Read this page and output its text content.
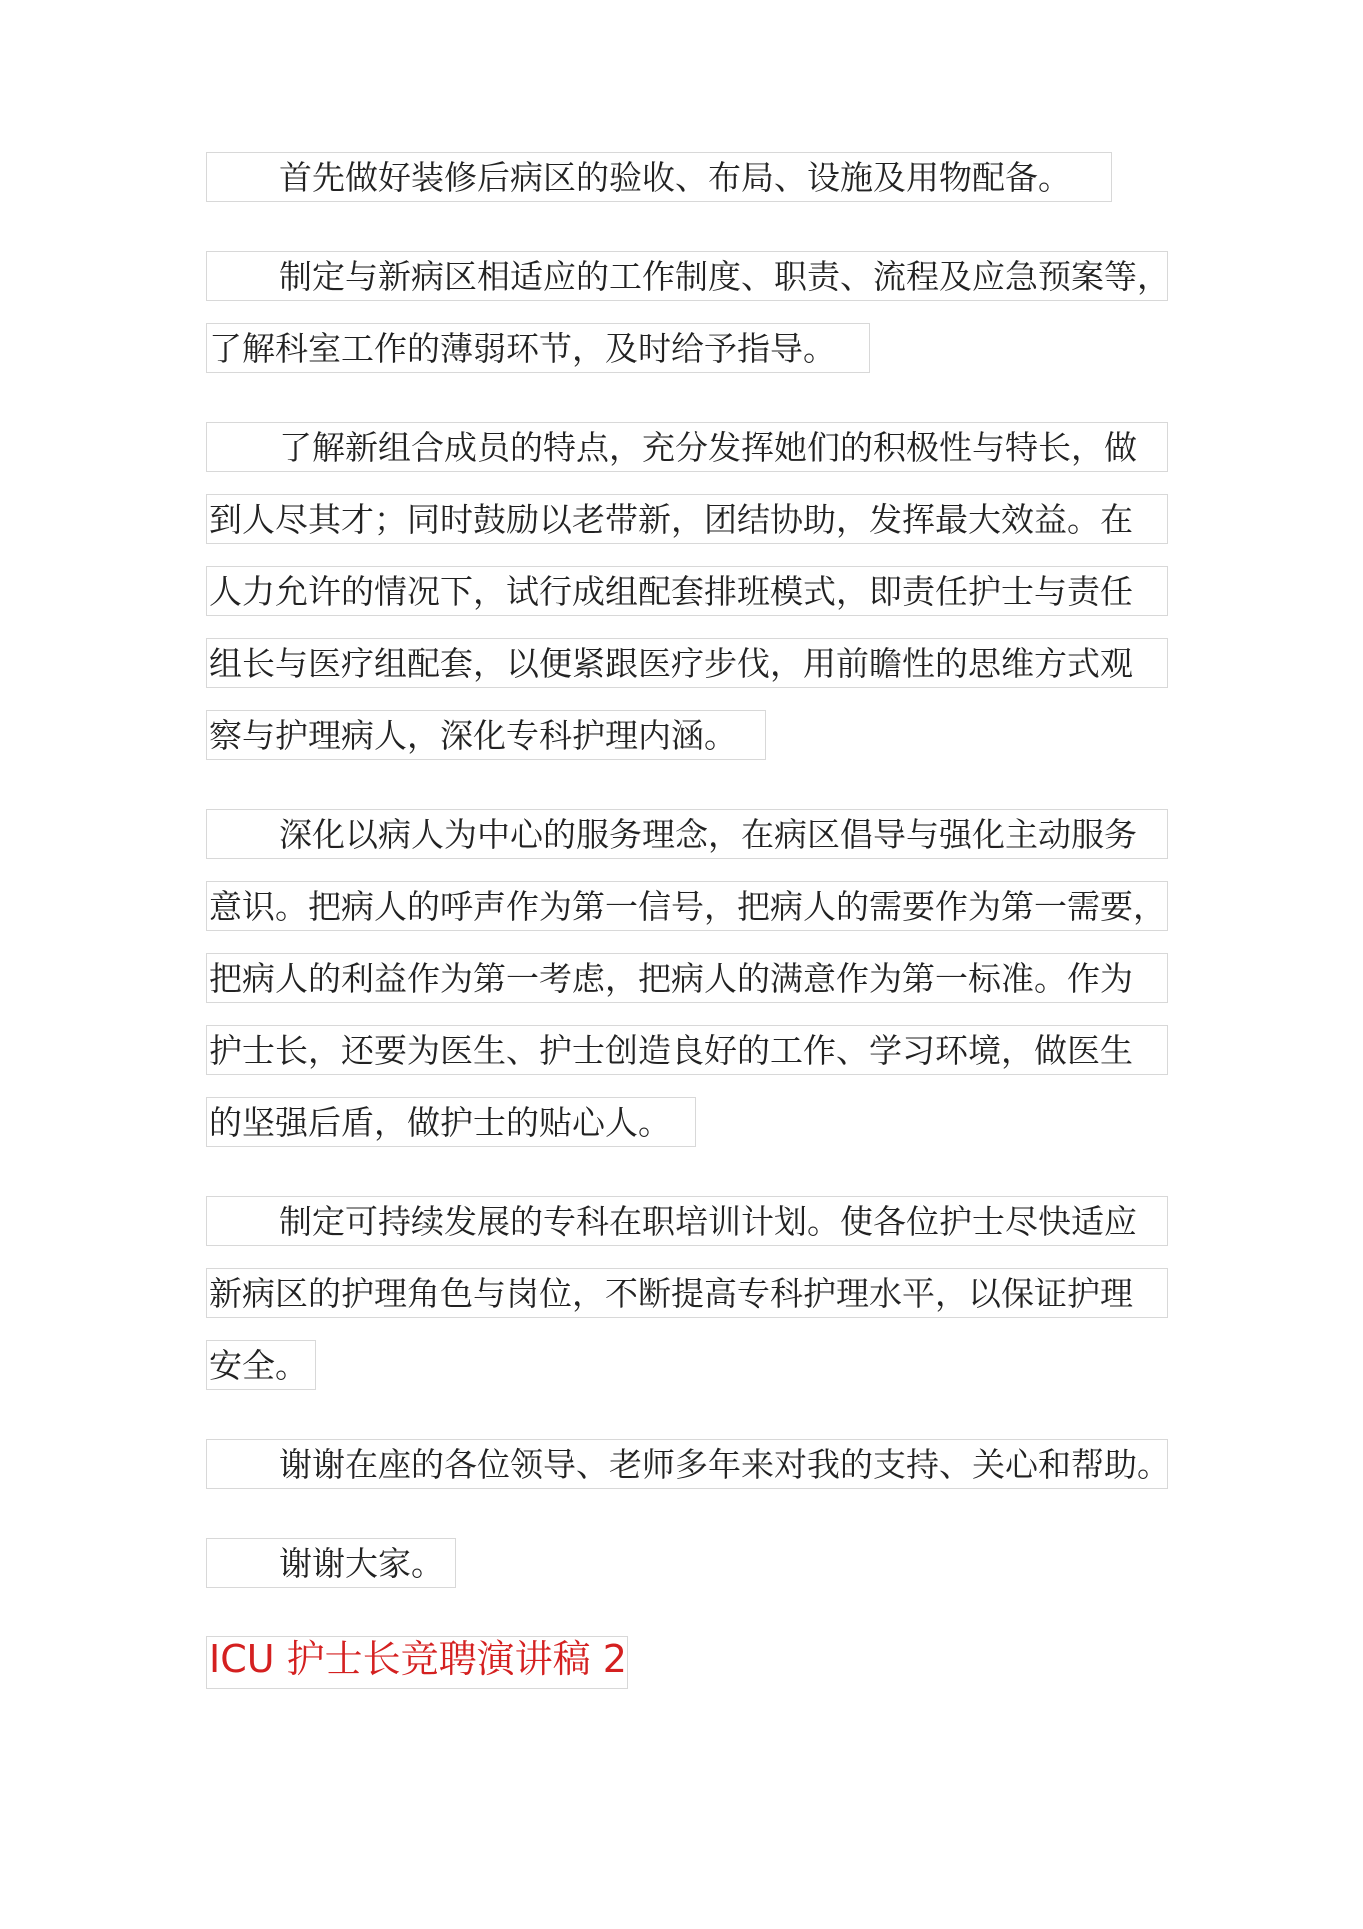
首先做好装修后病区的验收、布局、设施及用物配备。
制定与新病区相适应的工作制度、职责、流程及应急预案等，
了解科室工作的薄弱环节，及时给予指导。
了解新组合成员的特点，充分发挥她们的积极性与特长，做
到人尽其才；同时鼓励以老带新，团结协助，发挥最大效益。在
人力允许的情况下，试行成组配套排班模式，即责任护士与责任
组长与医疗组配套，以便紧跟医疗步伐，用前瞻性的思维方式观
察与护理病人，深化专科护理内涵。
深化以病人为中心的服务理念，在病区倡导与强化主动服务
意识。把病人的呼声作为第一信号，把病人的需要作为第一需要，
把病人的利益作为第一考虑，把病人的满意作为第一标准。作为
护士长，还要为医生、护士创造良好的工作、学习环境，做医生
的坚强后盾，做护士的贴心人。
制定可持续发展的专科在职培训计划。使各位护士尽快适应
新病区的护理角色与岗位，不断提高专科护理水平，以保证护理
安全。
谢谢在座的各位领导、老师多年来对我的支持、关心和帮助。
谢谢大家。
ICU 护士长竞聘演讲稿 2
